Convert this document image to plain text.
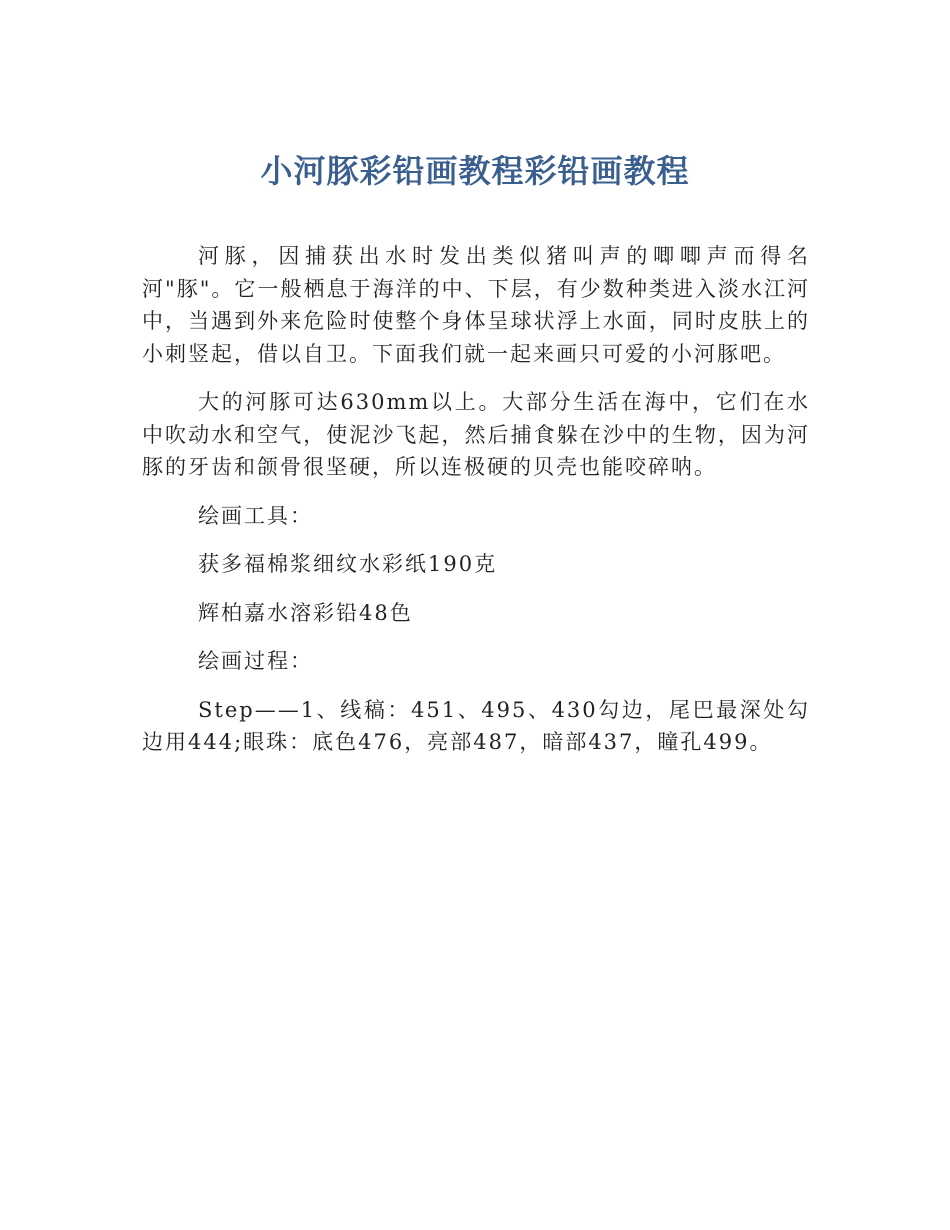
小河豚彩铅画教程彩铅画教程

河豚，因捕获出水时发出类似猪叫声的唧唧声而得名河"豚"。它一般栖息于海洋的中、下层，有少数种类进入淡水江河中，当遇到外来危险时使整个身体呈球状浮上水面，同时皮肤上的小刺竖起，借以自卫。下面我们就一起来画只可爱的小河豚吧。

大的河豚可达630mm以上。大部分生活在海中，它们在水中吹动水和空气，使泥沙飞起，然后捕食躲在沙中的生物，因为河豚的牙齿和颌骨很坚硬，所以连极硬的贝壳也能咬碎呐。

绘画工具：

获多福棉浆细纹水彩纸190克

辉柏嘉水溶彩铅48色

绘画过程：

Step——1、线稿：451、495、430勾边，尾巴最深处勾边用444;眼珠：底色476，亮部487，暗部437，瞳孔499。
